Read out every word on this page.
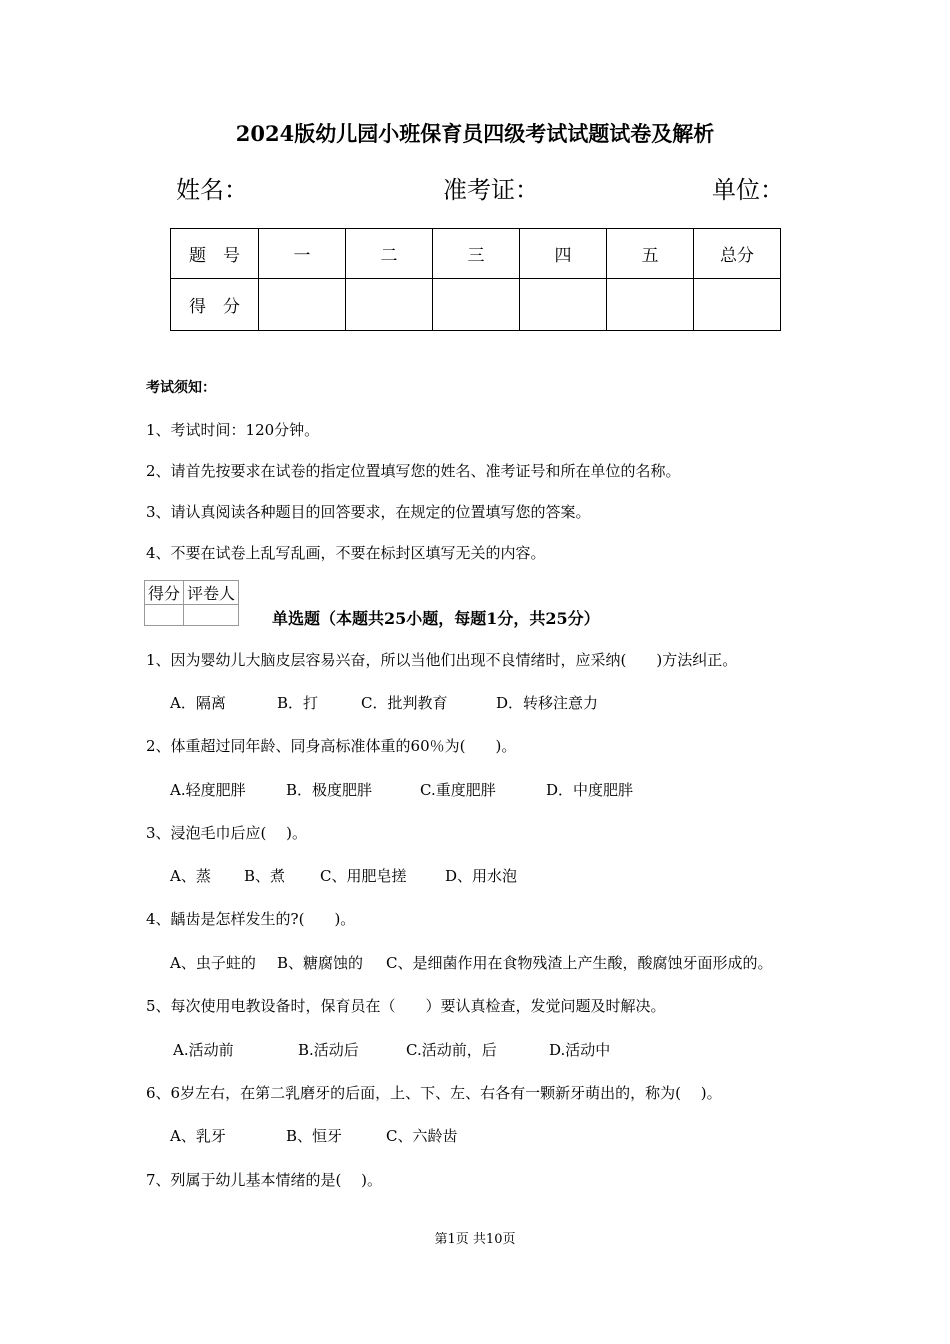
2024版幼儿园小班保育员四级考试试题试卷及解析
姓名：	准考证：	单位：
题　号	一	二	三	四	五	总分
得　分						
考试须知：
1、考试时间：120分钟。
2、请首先按要求在试卷的指定位置填写您的姓名、准考证号和所在单位的名称。
3、请认真阅读各种题目的回答要求，在规定的位置填写您的答案。
4、不要在试卷上乱写乱画，不要在标封区填写无关的内容。
得分	评卷人

单选题（本题共25小题，每题1分，共25分）
1、因为婴幼儿大脑皮层容易兴奋，所以当他们出现不良情绪时，应采纳(　　)方法纠正。
A．隔离	B．打	C．批判教育	D．转移注意力
2、体重超过同年龄、同身高标准体重的60％为(　　)。
A.轻度肥胖	B．极度肥胖	C.重度肥胖	D．中度肥胖
3、浸泡毛巾后应(　 )。
A、蒸 B、煮 C、用肥皂搓	D、用水泡
4、龋齿是怎样发生的?(　　)。
A、虫子蛀的 B、糖腐蚀的 C、是细菌作用在食物残渣上产生酸，酸腐蚀牙面形成的。
5、每次使用电教设备时，保育员在（　　）要认真检查，发觉问题及时解决。
A.活动前	B.活动后	C.活动前，后	D.活动中
6、6岁左右，在第二乳磨牙的后面，上、下、左、右各有一颗新牙萌出的，称为(　 )。
A、乳牙	B、恒牙	C、六龄齿
7、列属于幼儿基本情绪的是(　 )。
第1页 共10页
